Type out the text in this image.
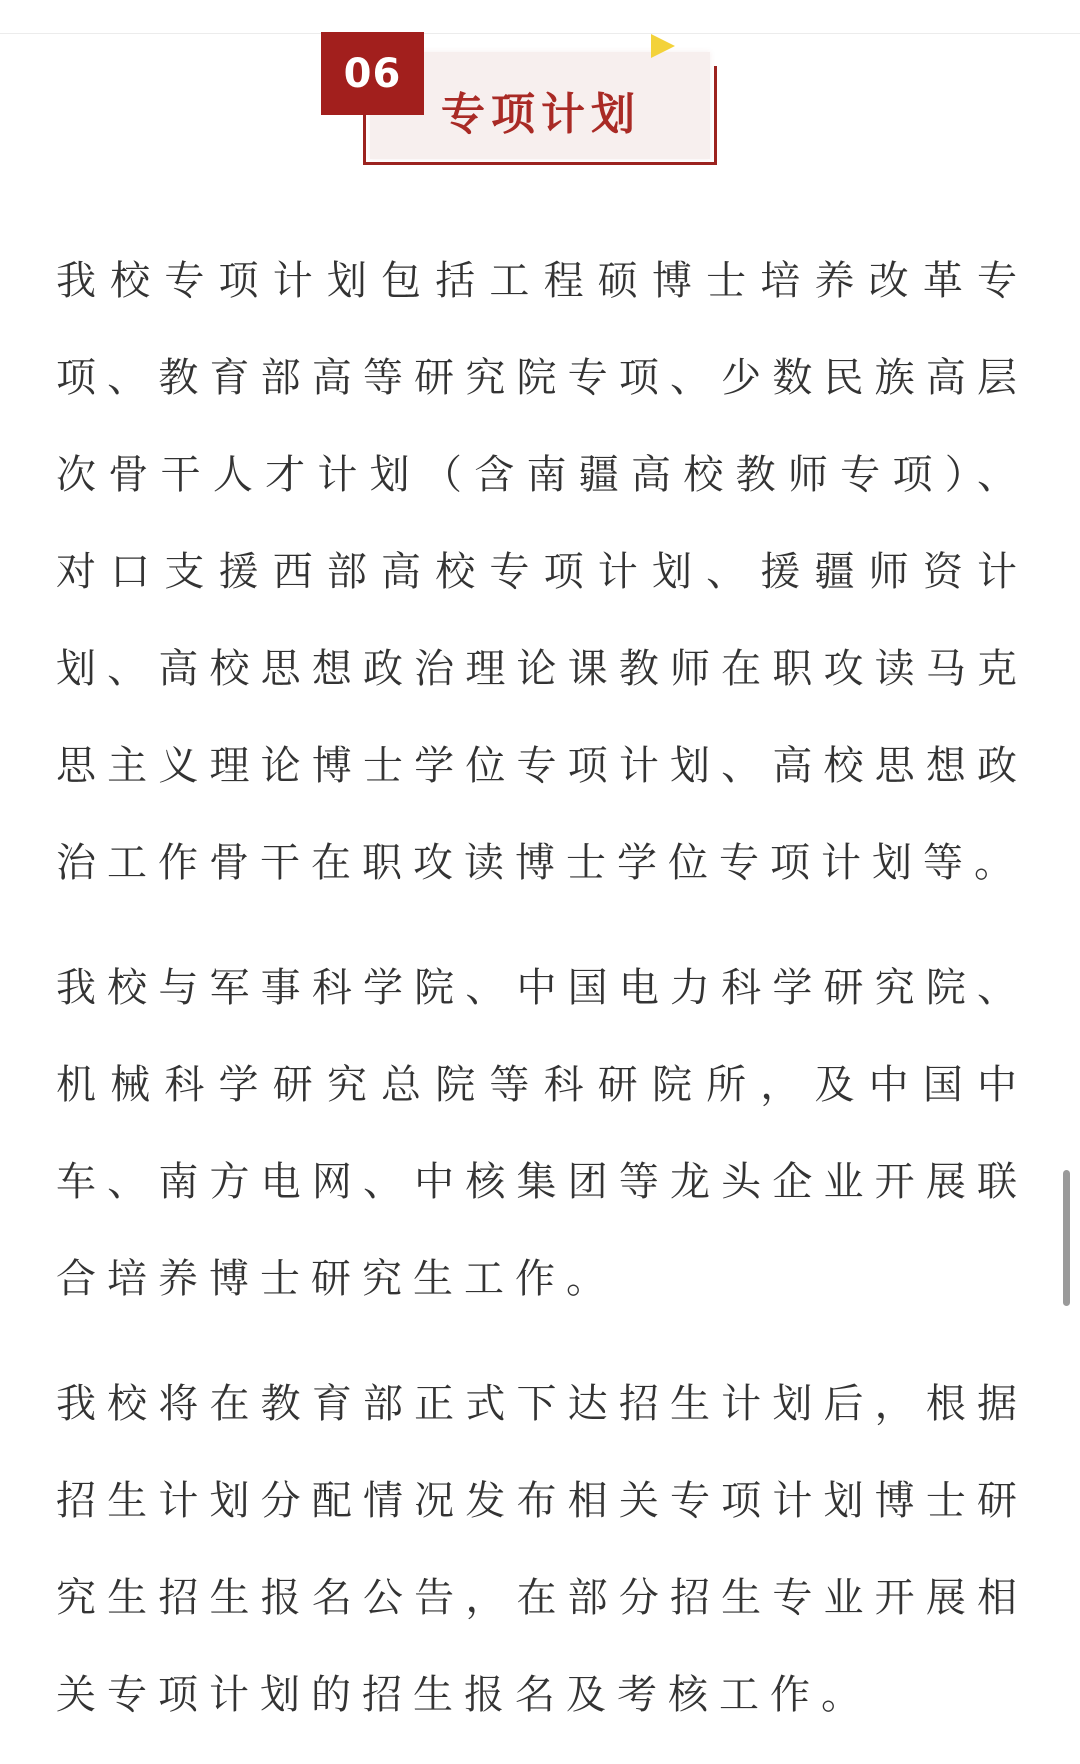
专项计划
06

我校专项计划包括工程硕博士培养改革专项、教育部高等研究院专项、少数民族高层次骨干人才计划（含南疆高校教师专项）、对口支援西部高校专项计划、援疆师资计划、高校思想政治理论课教师在职攻读马克思主义理论博士学位专项计划、高校思想政治工作骨干在职攻读博士学位专项计划等。

我校与军事科学院、中国电力科学研究院、机械科学研究总院等科研院所，及中国中车、南方电网、中核集团等龙头企业开展联合培养博士研究生工作。

我校将在教育部正式下达招生计划后，根据招生计划分配情况发布相关专项计划博士研究生招生报名公告，在部分招生专业开展相关专项计划的招生报名及考核工作。
